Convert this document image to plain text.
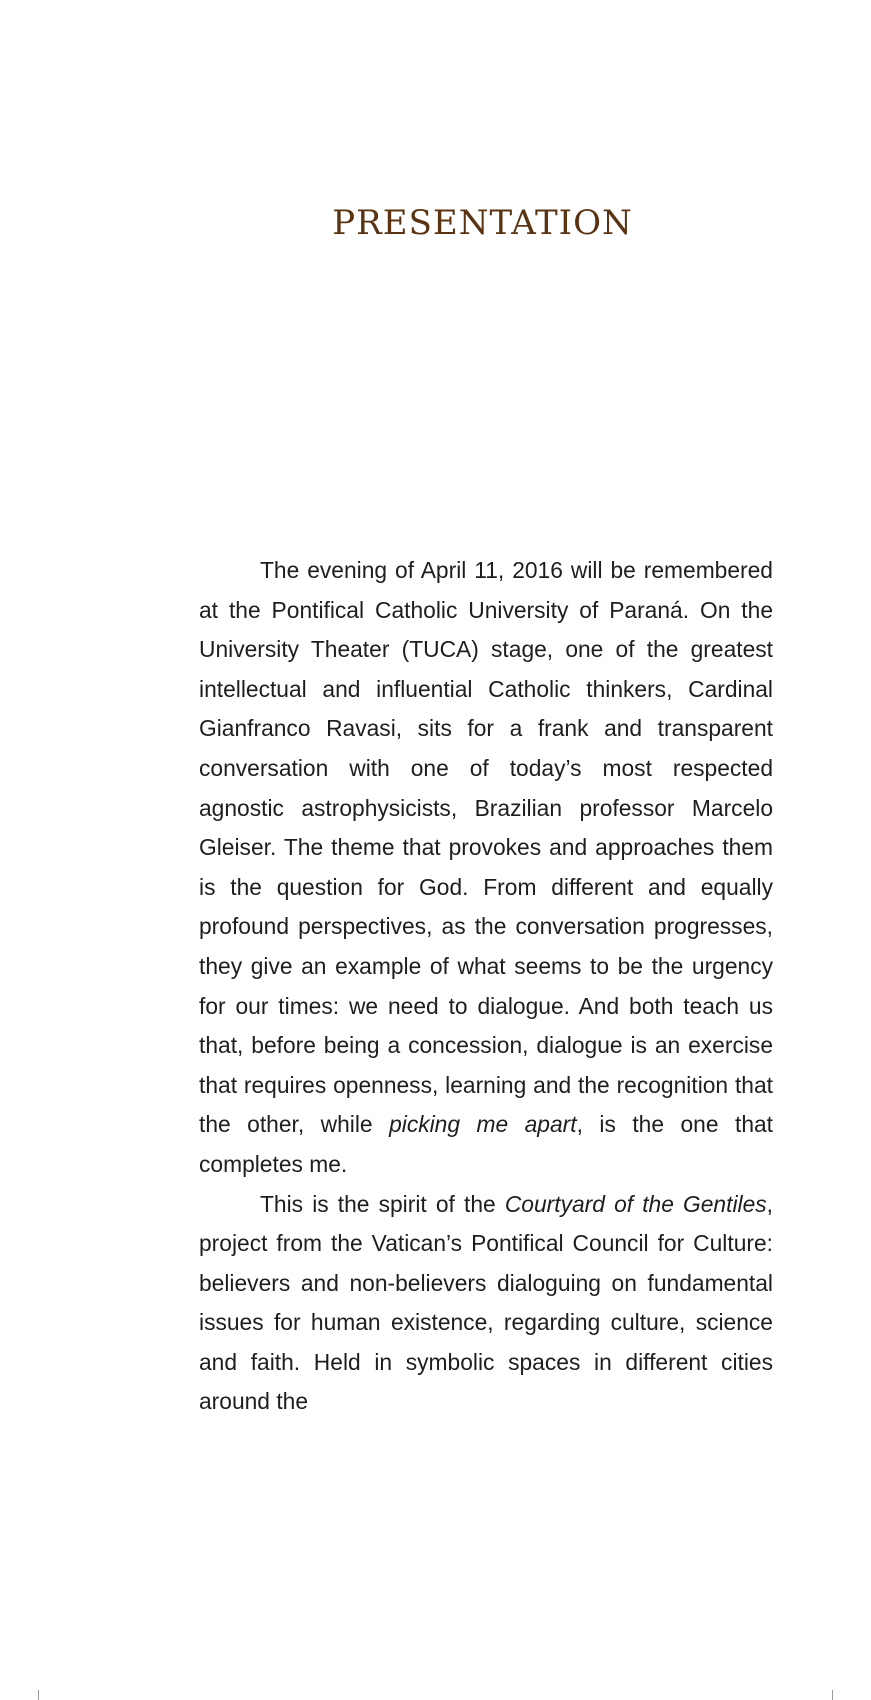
PRESENTATION

The evening of April 11, 2016 will be remembered at the Pontifical Catholic University of Paraná. On the University Theater (TUCA) stage, one of the greatest intellectual and influential Catholic thinkers, Cardinal Gianfranco Ravasi, sits for a frank and transparent conversation with one of today’s most respected agnostic astrophysicists, Brazilian professor Marcelo Gleiser. The theme that provokes and approaches them is the question for God. From different and equally profound perspectives, as the conversation progresses, they give an example of what seems to be the urgency for our times: we need to dialogue. And both teach us that, before being a concession, dialogue is an exercise that requires openness, learning and the recognition that the other, while picking me apart, is the one that completes me.

This is the spirit of the Courtyard of the Gentiles, project from the Vatican’s Pontifical Council for Culture: believers and non-believers dialoguing on fundamental issues for human existence, regarding culture, science and faith. Held in symbolic spaces in different cities around the
